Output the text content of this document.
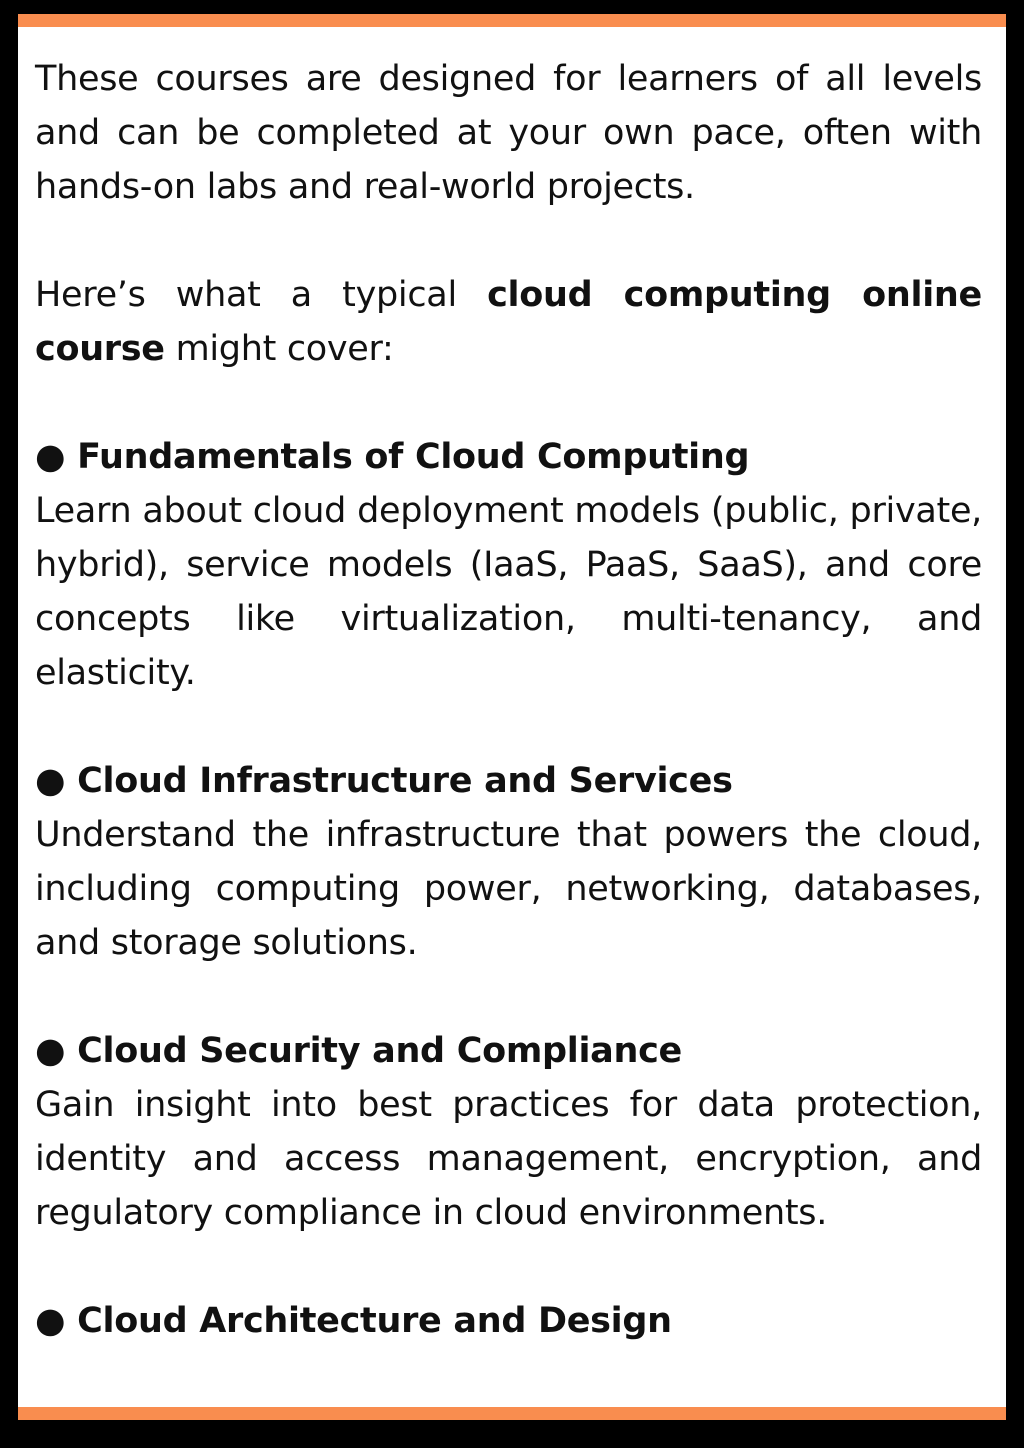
These courses are designed for learners of all levels and can be completed at your own pace, often with hands-on labs and real-world projects.

Here’s what a typical cloud computing online course might cover:

● Fundamentals of Cloud Computing

Learn about cloud deployment models (public, private, hybrid), service models (IaaS, PaaS, SaaS), and core concepts like virtualization, multi-tenancy, and elasticity.

● Cloud Infrastructure and Services

Understand the infrastructure that powers the cloud, including computing power, networking, databases, and storage solutions.

● Cloud Security and Compliance

Gain insight into best practices for data protection, identity and access management, encryption, and regulatory compliance in cloud environments.

● Cloud Architecture and Design
